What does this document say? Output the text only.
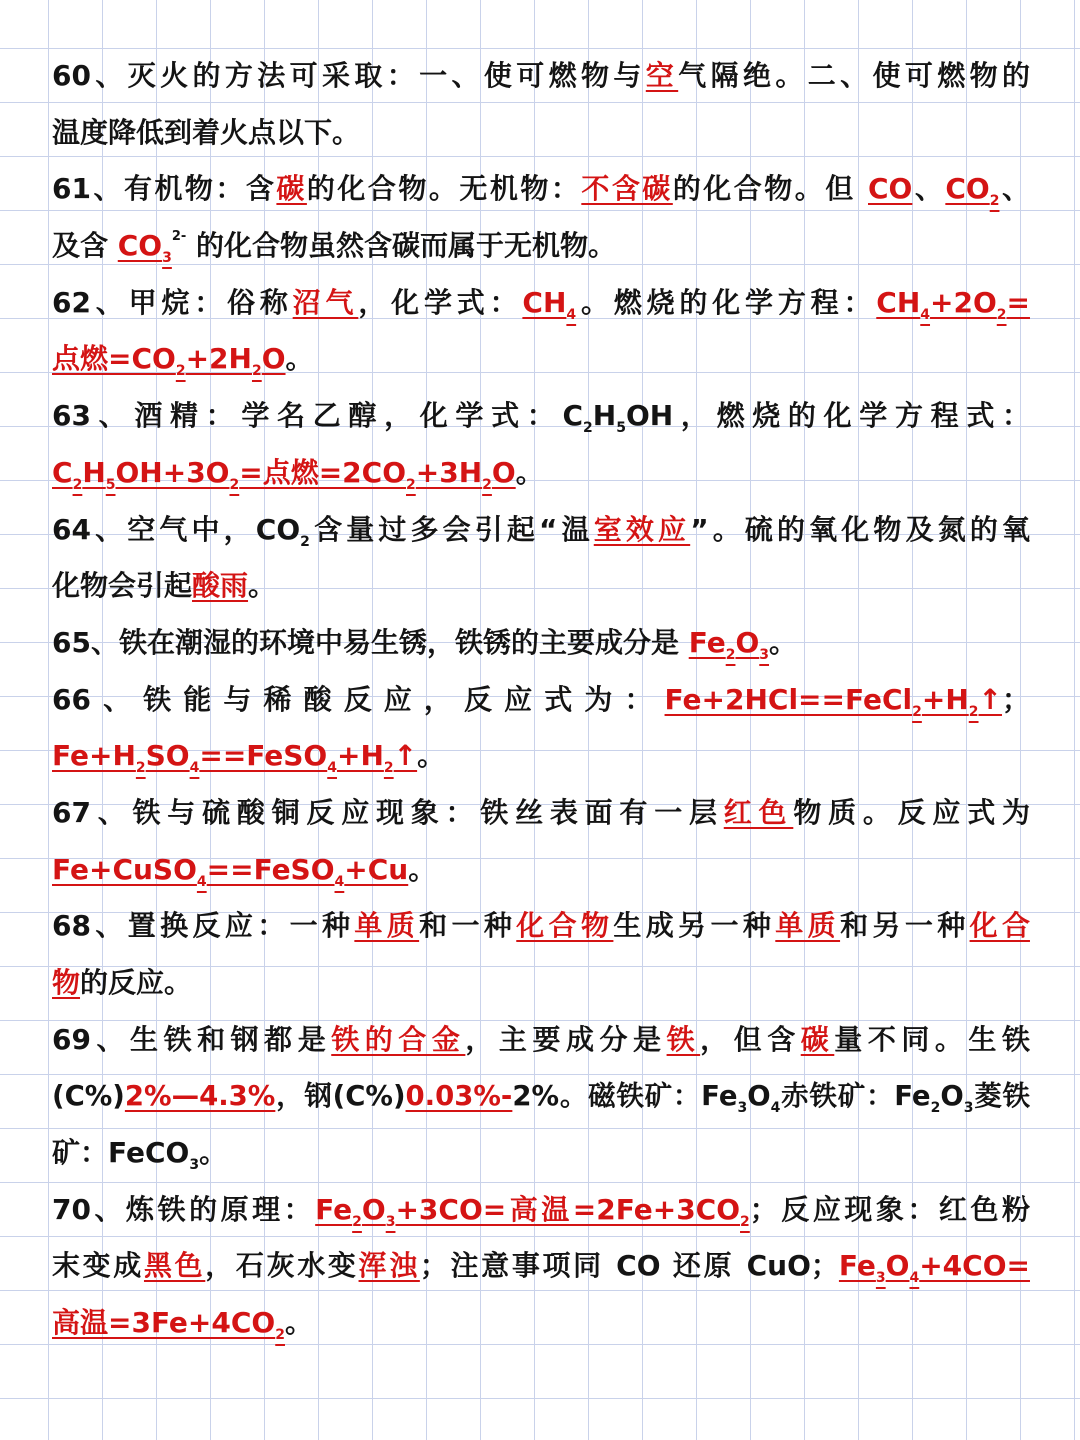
60、灭火的方法可采取：一、使可燃物与空气隔绝。二、使可燃物的
温度降低到着火点以下。
61、有机物：含碳的化合物。无机物：不含碳的化合物。但 CO、$CO_2$、
及含 $CO_3^{2-}$ 的化合物虽然含碳而属于无机物。
62、甲烷：俗称沼气，化学式：$CH_4$。燃烧的化学方程：$CH_4+2O_2=$
点燃$=CO_2+2H_2O$。
63、酒精：学名乙醇，化学式：$C_2H_5OH$，燃烧的化学方程式：
$C_2H_5OH+3O_2=$点燃$=2CO_2+3H_2O$。
64、空气中，$CO_2$含量过多会引起“温室效应”。硫的氧化物及氮的氧
化物会引起酸雨。
65、铁在潮湿的环境中易生锈，铁锈的主要成分是 $Fe_2O_3$。
66、铁能与稀酸反应，反应式为：$Fe+2HCl==FeCl_2+H_2↑$；
$Fe+H_2SO_4==FeSO_4+H_2↑$。
67、铁与硫酸铜反应现象：铁丝表面有一层红色物质。反应式为
Fe+CuSO$_4$==FeSO$_4$+Cu。
68、置换反应：一种单质和一种化合物生成另一种单质和另一种化合
物的反应。
69、生铁和钢都是铁的合金，主要成分是铁，但含碳量不同。生铁
(C%)2%—4.3%，钢(C%)0.03%-2%。磁铁矿：$Fe_3O_4$赤铁矿：$Fe_2O_3$菱铁
矿：FeCO$_3$。
70、炼铁的原理：$Fe_2O_3+3CO=$高温$=2Fe+3CO_2$；反应现象：红色粉
末变成黑色，石灰水变浑浊；注意事项同 CO 还原 CuO；$Fe_3O_4+4CO=$
高温$=3Fe+4CO_2$。
